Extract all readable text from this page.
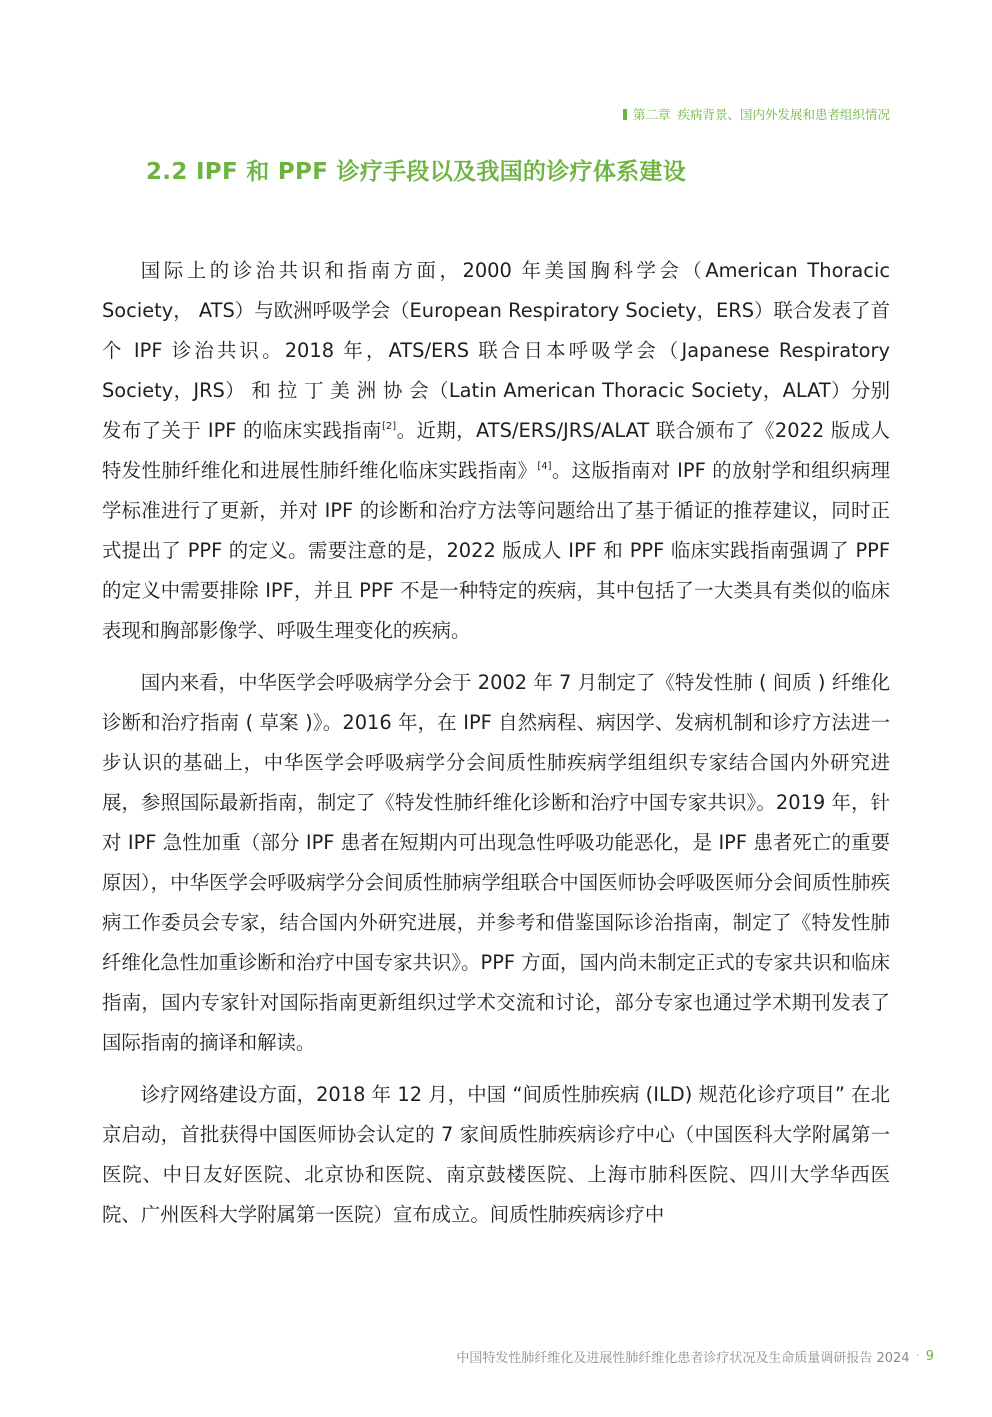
第二章 疾病背景、国内外发展和患者组织情况
2.2 IPF 和 PPF 诊疗手段以及我国的诊疗体系建设

国际上的诊治共识和指南方面，2000 年美国胸科学会（American Thoracic Society， ATS）与欧洲呼吸学会（European Respiratory Society，ERS）联合发表了首个 IPF 诊治共识。2018 年，ATS/ERS 联合日本呼吸学会（Japanese Respiratory Society，JRS） 和 拉 丁 美 洲 协 会（Latin American Thoracic Society，ALAT）分别发布了关于 IPF 的临床实践指南[2]。近期，ATS/ERS/JRS/ALAT 联合颁布了《2022 版成人特发性肺纤维化和进展性肺纤维化临床实践指南》[4]。这版指南对 IPF 的放射学和组织病理学标准进行了更新，并对 IPF 的诊断和治疗方法等问题给出了基于循证的推荐建议，同时正式提出了 PPF 的定义。需要注意的是，2022 版成人 IPF 和 PPF 临床实践指南强调了 PPF 的定义中需要排除 IPF，并且 PPF 不是一种特定的疾病，其中包括了一大类具有类似的临床表现和胸部影像学、呼吸生理变化的疾病。

国内来看，中华医学会呼吸病学分会于 2002 年 7 月制定了《特发性肺 ( 间质 ) 纤维化诊断和治疗指南 ( 草案 )》。2016 年，在 IPF 自然病程、病因学、发病机制和诊疗方法进一步认识的基础上，中华医学会呼吸病学分会间质性肺疾病学组组织专家结合国内外研究进展，参照国际最新指南，制定了《特发性肺纤维化诊断和治疗中国专家共识》。2019 年，针对 IPF 急性加重（部分 IPF 患者在短期内可出现急性呼吸功能恶化，是 IPF 患者死亡的重要原因），中华医学会呼吸病学分会间质性肺病学组联合中国医师协会呼吸医师分会间质性肺疾病工作委员会专家，结合国内外研究进展，并参考和借鉴国际诊治指南，制定了《特发性肺纤维化急性加重诊断和治疗中国专家共识》。PPF 方面，国内尚未制定正式的专家共识和临床指南，国内专家针对国际指南更新组织过学术交流和讨论，部分专家也通过学术期刊发表了国际指南的摘译和解读。

诊疗网络建设方面，2018 年 12 月，中国 “间质性肺疾病 (ILD) 规范化诊疗项目” 在北京启动，首批获得中国医师协会认定的 7 家间质性肺疾病诊疗中心（中国医科大学附属第一医院、中日友好医院、北京协和医院、南京鼓楼医院、上海市肺科医院、四川大学华西医院、广州医科大学附属第一医院）宣布成立。间质性肺疾病诊疗中

中国特发性肺纤维化及进展性肺纤维化患者诊疗状况及生命质量调研报告 2024 · 9
